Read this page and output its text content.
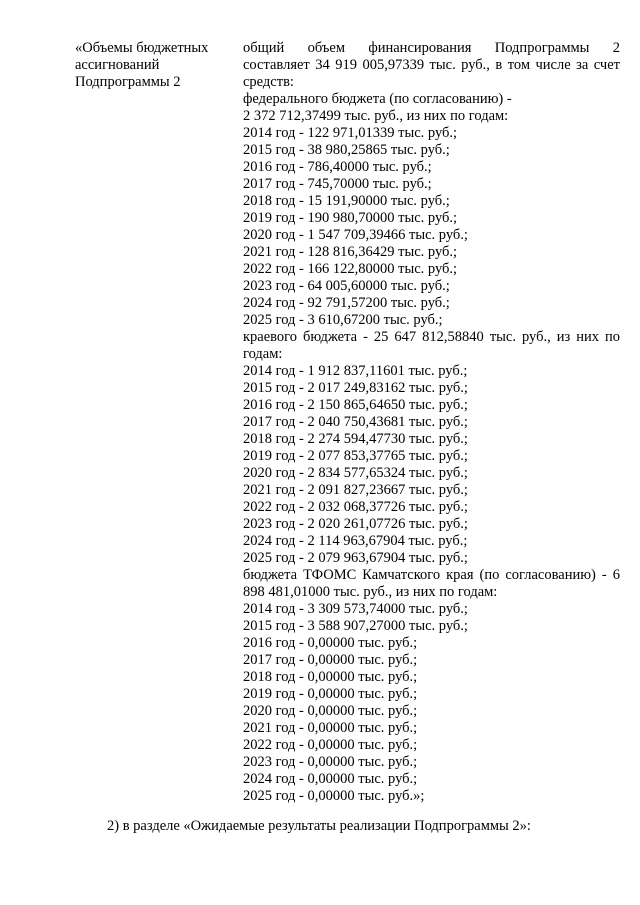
«Объемы бюджетных
ассигнований
Подпрограммы 2
общий объем финансирования Подпрограммы 2
составляет 34 919 005,97339 тыс. руб., в том числе за счет
средств:
федерального бюджета (по согласованию) -
2 372 712,37499 тыс. руб., из них по годам:
2014 год - 122 971,01339 тыс. руб.;
2015 год - 38 980,25865 тыс. руб.;
2016 год - 786,40000 тыс. руб.;
2017 год - 745,70000 тыс. руб.;
2018 год - 15 191,90000 тыс. руб.;
2019 год - 190 980,70000 тыс. руб.;
2020 год - 1 547 709,39466 тыс. руб.;
2021 год - 128 816,36429 тыс. руб.;
2022 год - 166 122,80000 тыс. руб.;
2023 год - 64 005,60000 тыс. руб.;
2024 год - 92 791,57200 тыс. руб.;
2025 год - 3 610,67200 тыс. руб.;
краевого бюджета - 25 647 812,58840 тыс. руб., из них по
годам:
2014 год - 1 912 837,11601 тыс. руб.;
2015 год - 2 017 249,83162 тыс. руб.;
2016 год - 2 150 865,64650 тыс. руб.;
2017 год - 2 040 750,43681 тыс. руб.;
2018 год - 2 274 594,47730 тыс. руб.;
2019 год - 2 077 853,37765 тыс. руб.;
2020 год - 2 834 577,65324 тыс. руб.;
2021 год - 2 091 827,23667 тыс. руб.;
2022 год - 2 032 068,37726 тыс. руб.;
2023 год - 2 020 261,07726 тыс. руб.;
2024 год - 2 114 963,67904 тыс. руб.;
2025 год - 2 079 963,67904 тыс. руб.;
бюджета ТФОМС Камчатского края (по согласованию) - 6
898 481,01000 тыс. руб., из них по годам:
2014 год - 3 309 573,74000 тыс. руб.;
2015 год - 3 588 907,27000 тыс. руб.;
2016 год - 0,00000 тыс. руб.;
2017 год - 0,00000 тыс. руб.;
2018 год - 0,00000 тыс. руб.;
2019 год - 0,00000 тыс. руб.;
2020 год - 0,00000 тыс. руб.;
2021 год - 0,00000 тыс. руб.;
2022 год - 0,00000 тыс. руб.;
2023 год - 0,00000 тыс. руб.;
2024 год - 0,00000 тыс. руб.;
2025 год - 0,00000 тыс. руб.»;
2) в разделе «Ожидаемые результаты реализации Подпрограммы 2»:
